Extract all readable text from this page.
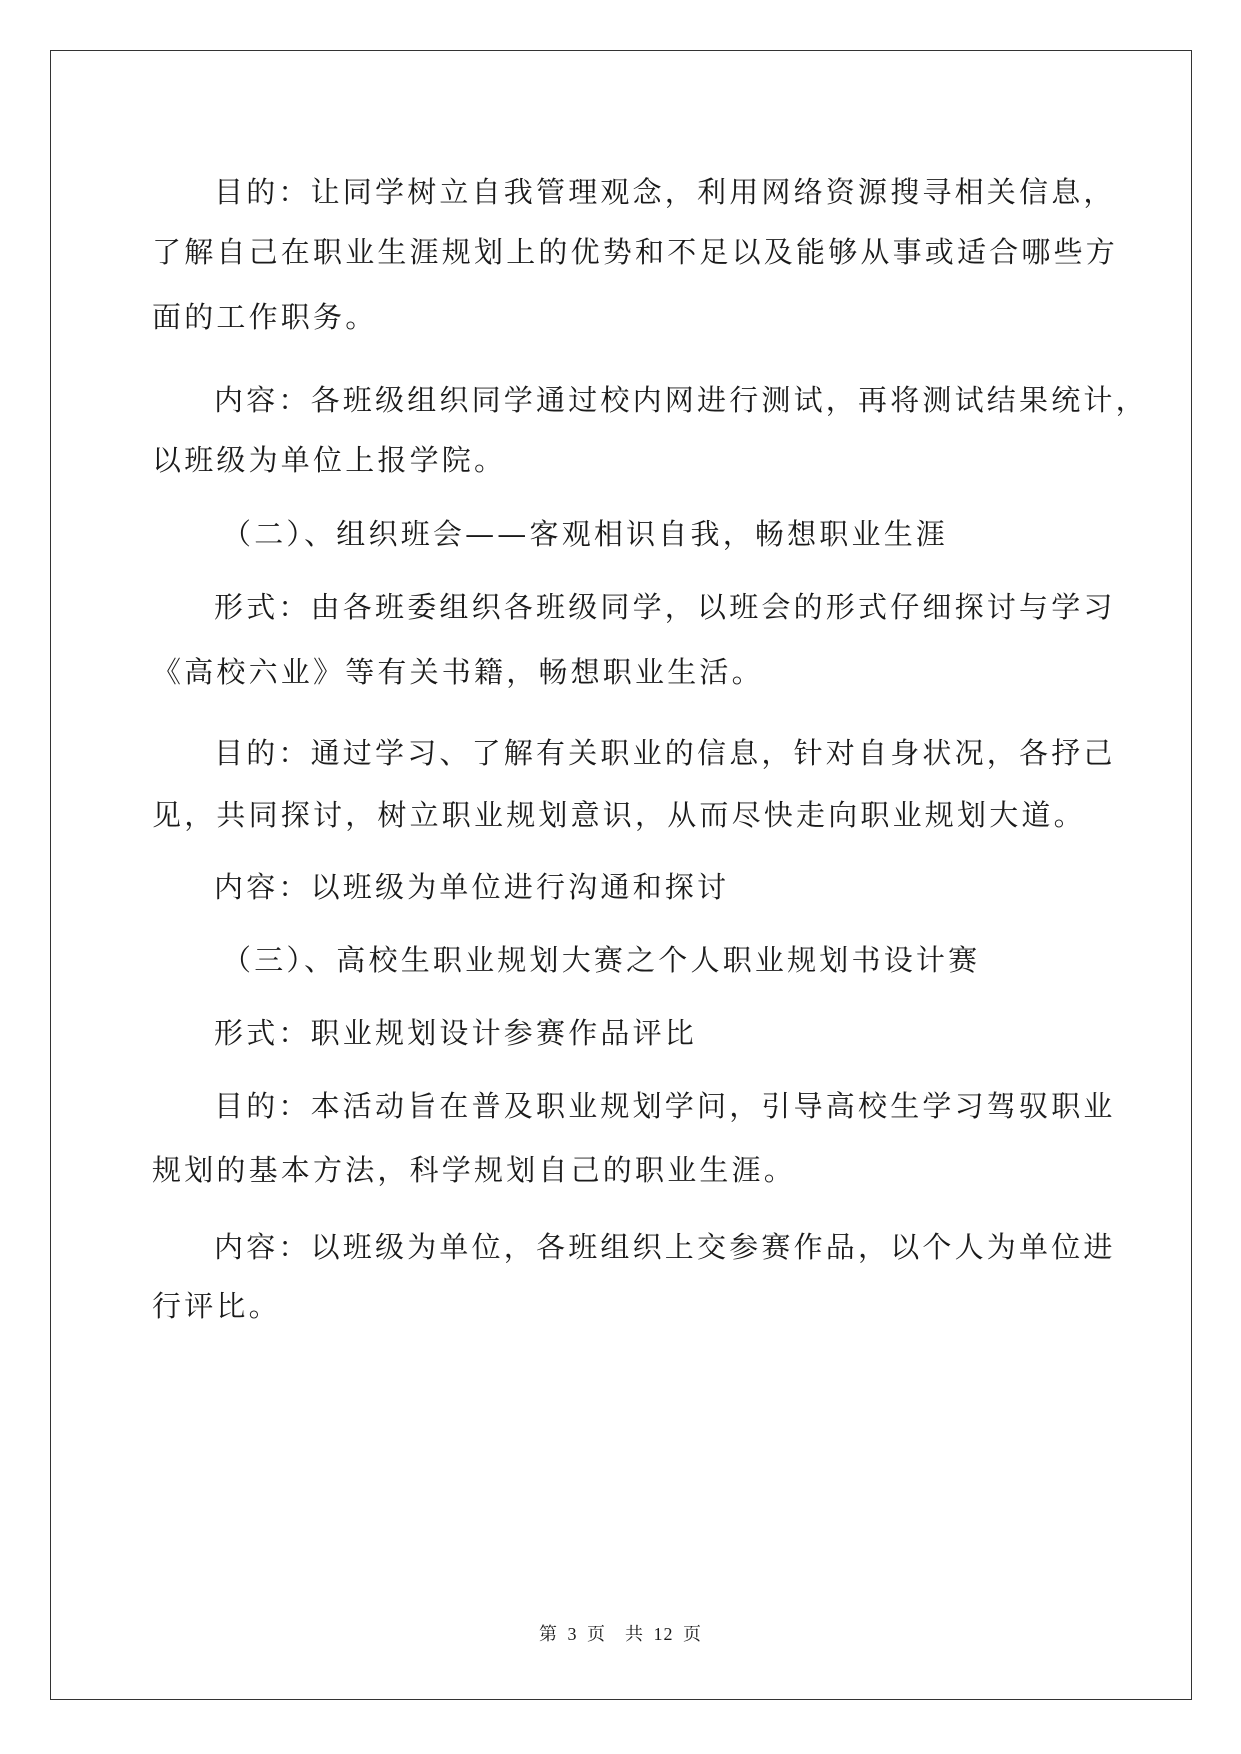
目的：让同学树立自我管理观念，利用网络资源搜寻相关信息，
了解自己在职业生涯规划上的优势和不足以及能够从事或适合哪些方
面的工作职务。
内容：各班级组织同学通过校内网进行测试，再将测试结果统计，
以班级为单位上报学院。
（二）、组织班会——客观相识自我，畅想职业生涯
形式：由各班委组织各班级同学，以班会的形式仔细探讨与学习
《高校六业》等有关书籍，畅想职业生活。
目的：通过学习、了解有关职业的信息，针对自身状况，各抒己
见，共同探讨，树立职业规划意识，从而尽快走向职业规划大道。
内容：以班级为单位进行沟通和探讨
（三）、高校生职业规划大赛之个人职业规划书设计赛
形式：职业规划设计参赛作品评比
目的：本活动旨在普及职业规划学问，引导高校生学习驾驭职业
规划的基本方法，科学规划自己的职业生涯。
内容：以班级为单位，各班组织上交参赛作品，以个人为单位进
行评比。
第 3 页　共 12 页
